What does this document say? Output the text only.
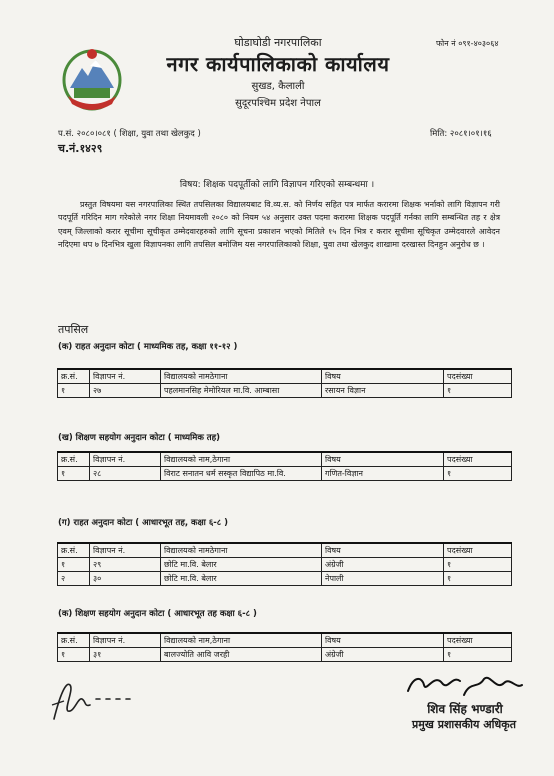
घोडाघोडी नगरपालिका
नगर कार्यपालिकाको कार्यालय
सुखड, कैलाली
सुदूरपश्चिम प्रदेश नेपाल
फोन नं ०९१-४०३०६४
प.सं. २०८०।०८१ ( शिक्षा, युवा तथा खेलकुद )
च.नं.१४२९
मिति: २०८१।०१।१६
विषय: शिक्षक पदपूर्तीको लागि विज्ञापन गरिएको सम्बन्धमा ।
प्रस्तुत विषयमा यस नगरपालिका स्थित तपसिलका विद्यालयबाट वि.व्य.स. को निर्णय सहित पत्र मार्फत करारमा शिक्षक भर्नाको लागि विज्ञापन गरी पदपूर्ति गरिदिन माग गरेकोले नगर शिक्षा नियमावली २०८० को नियम ५४ अनुसार उक्त पदमा करारमा शिक्षक पदपूर्ति गर्नका लागि सम्बन्धित तह र क्षेत्र एवम् जिल्लाको करार सूचीमा सूचीकृत उम्मेदवारहरुको लागि सूचना प्रकाशन भएको मितिले १५ दिन भित्र र करार सूचीमा सूचिकृत उम्मेदवारले आवेदन नदिएमा थप ७ दिनभित्र खुला विज्ञापनका लागि तपसिल बमोजिम यस नगरपालिकाको शिक्षा, युवा तथा खेलकुद शाखामा दरखास्त दिनहुन अनुरोध छ ।
तपसिल
(क) राहत अनुदान कोटा ( माध्यमिक तह, कक्षा ११-१२ )
क्र.सं.	विज्ञापन नं.	विद्यालयको नामठेगाना	विषय	पदसंख्या
१	२७	पहलमानसिह मेमोरियल मा.वि. आम्बासा	रसायन विज्ञान	१
(ख) शिक्षण सहयोग अनुदान कोटा ( माध्यमिक तह)
क्र.सं.	विज्ञापन नं.	विद्यालयको नाम,ठेगाना	विषय	पदसंख्या
१	२८	विराट सनातन धर्म सस्कृत विद्यापिठ मा.वि.	गणित-विज्ञान	१
(ग) राहत अनुदान कोटा ( आधारभूत तह, कक्षा ६-८ )
क्र.सं.	विज्ञापन नं.	विद्यालयको नामठेगाना	विषय	पदसंख्या
१	२९	छोटि मा.वि. बेलार	अंग्रेजी	१
२	३०	छोटि मा.वि. बेलार	नेपाली	१
(क) शिक्षण सहयोग अनुदान कोटा ( आधारभूत तह कक्षा ६-८ )
क्र.सं.	विज्ञापन नं.	विद्यालयको नाम,ठेगाना	विषय	पदसंख्या
१	३१	बालज्योति आवि जरही	अंग्रेजी	१
शिव सिंह भण्डारी
प्रमुख प्रशासकीय अधिकृत
